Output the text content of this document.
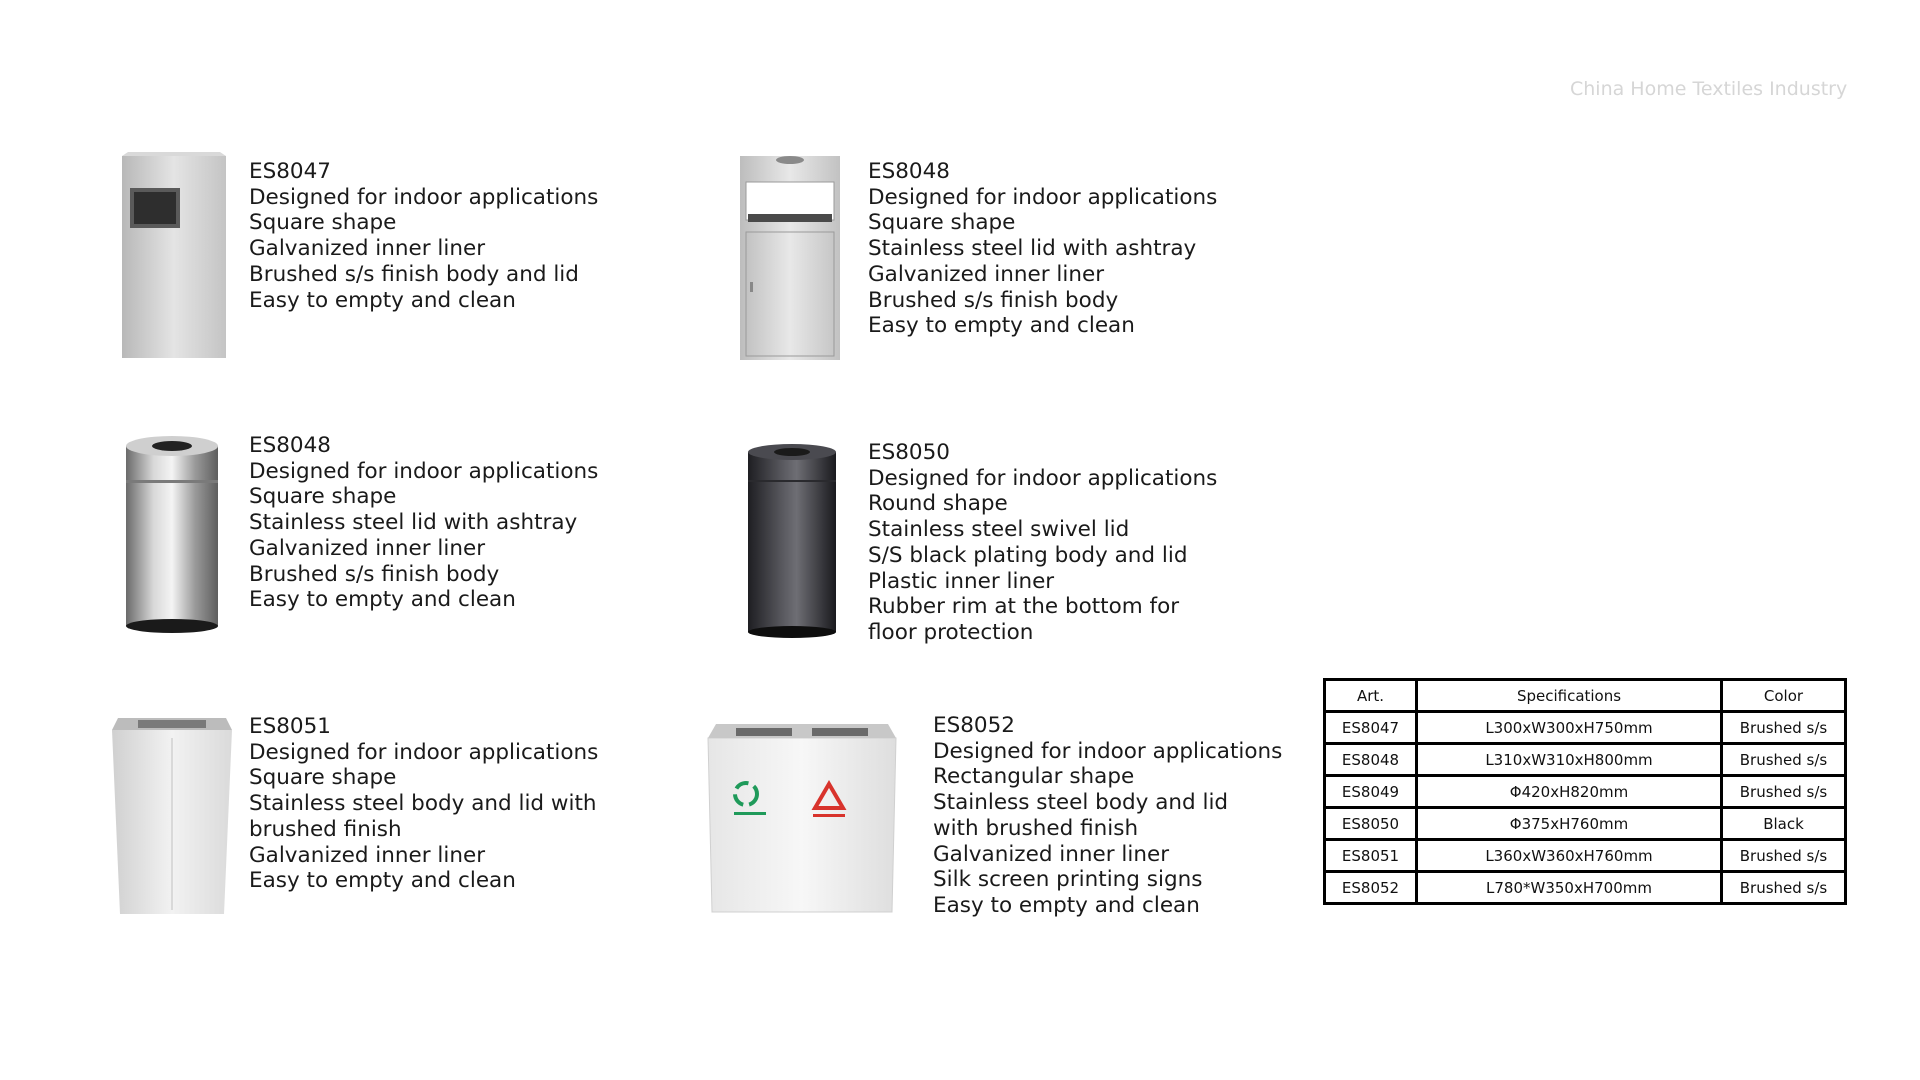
China Home Textiles Industry
ES8047
Designed for indoor applications
Square shape
Galvanized inner liner
Brushed s/s finish body and lid
Easy to empty and clean
ES8048
Designed for indoor applications
Square shape
Stainless steel lid with ashtray
Galvanized inner liner
Brushed s/s finish body
Easy to empty and clean
ES8048
Designed for indoor applications
Square shape
Stainless steel lid with ashtray
Galvanized inner liner
Brushed s/s finish body
Easy to empty and clean
ES8050
Designed for indoor applications
Round shape
Stainless steel swivel lid
S/S black plating body and lid
Plastic inner liner
Rubber rim at the bottom for floor protection
ES8051
Designed for indoor applications
Square shape
Stainless steel body and lid with brushed finish
Galvanized inner liner
Easy to empty and clean
ES8052
Designed for indoor applications
Rectangular shape
Stainless steel body and lid with brushed finish
Galvanized inner liner
Silk screen printing signs
Easy to empty and clean
Art.	Specifications	Color
ES8047	L300xW300xH750mm	Brushed s/s
ES8048	L310xW310xH800mm	Brushed s/s
ES8049	Φ420xH820mm	Brushed s/s
ES8050	Φ375xH760mm	Black
ES8051	L360xW360xH760mm	Brushed s/s
ES8052	L780*W350xH700mm	Brushed s/s
